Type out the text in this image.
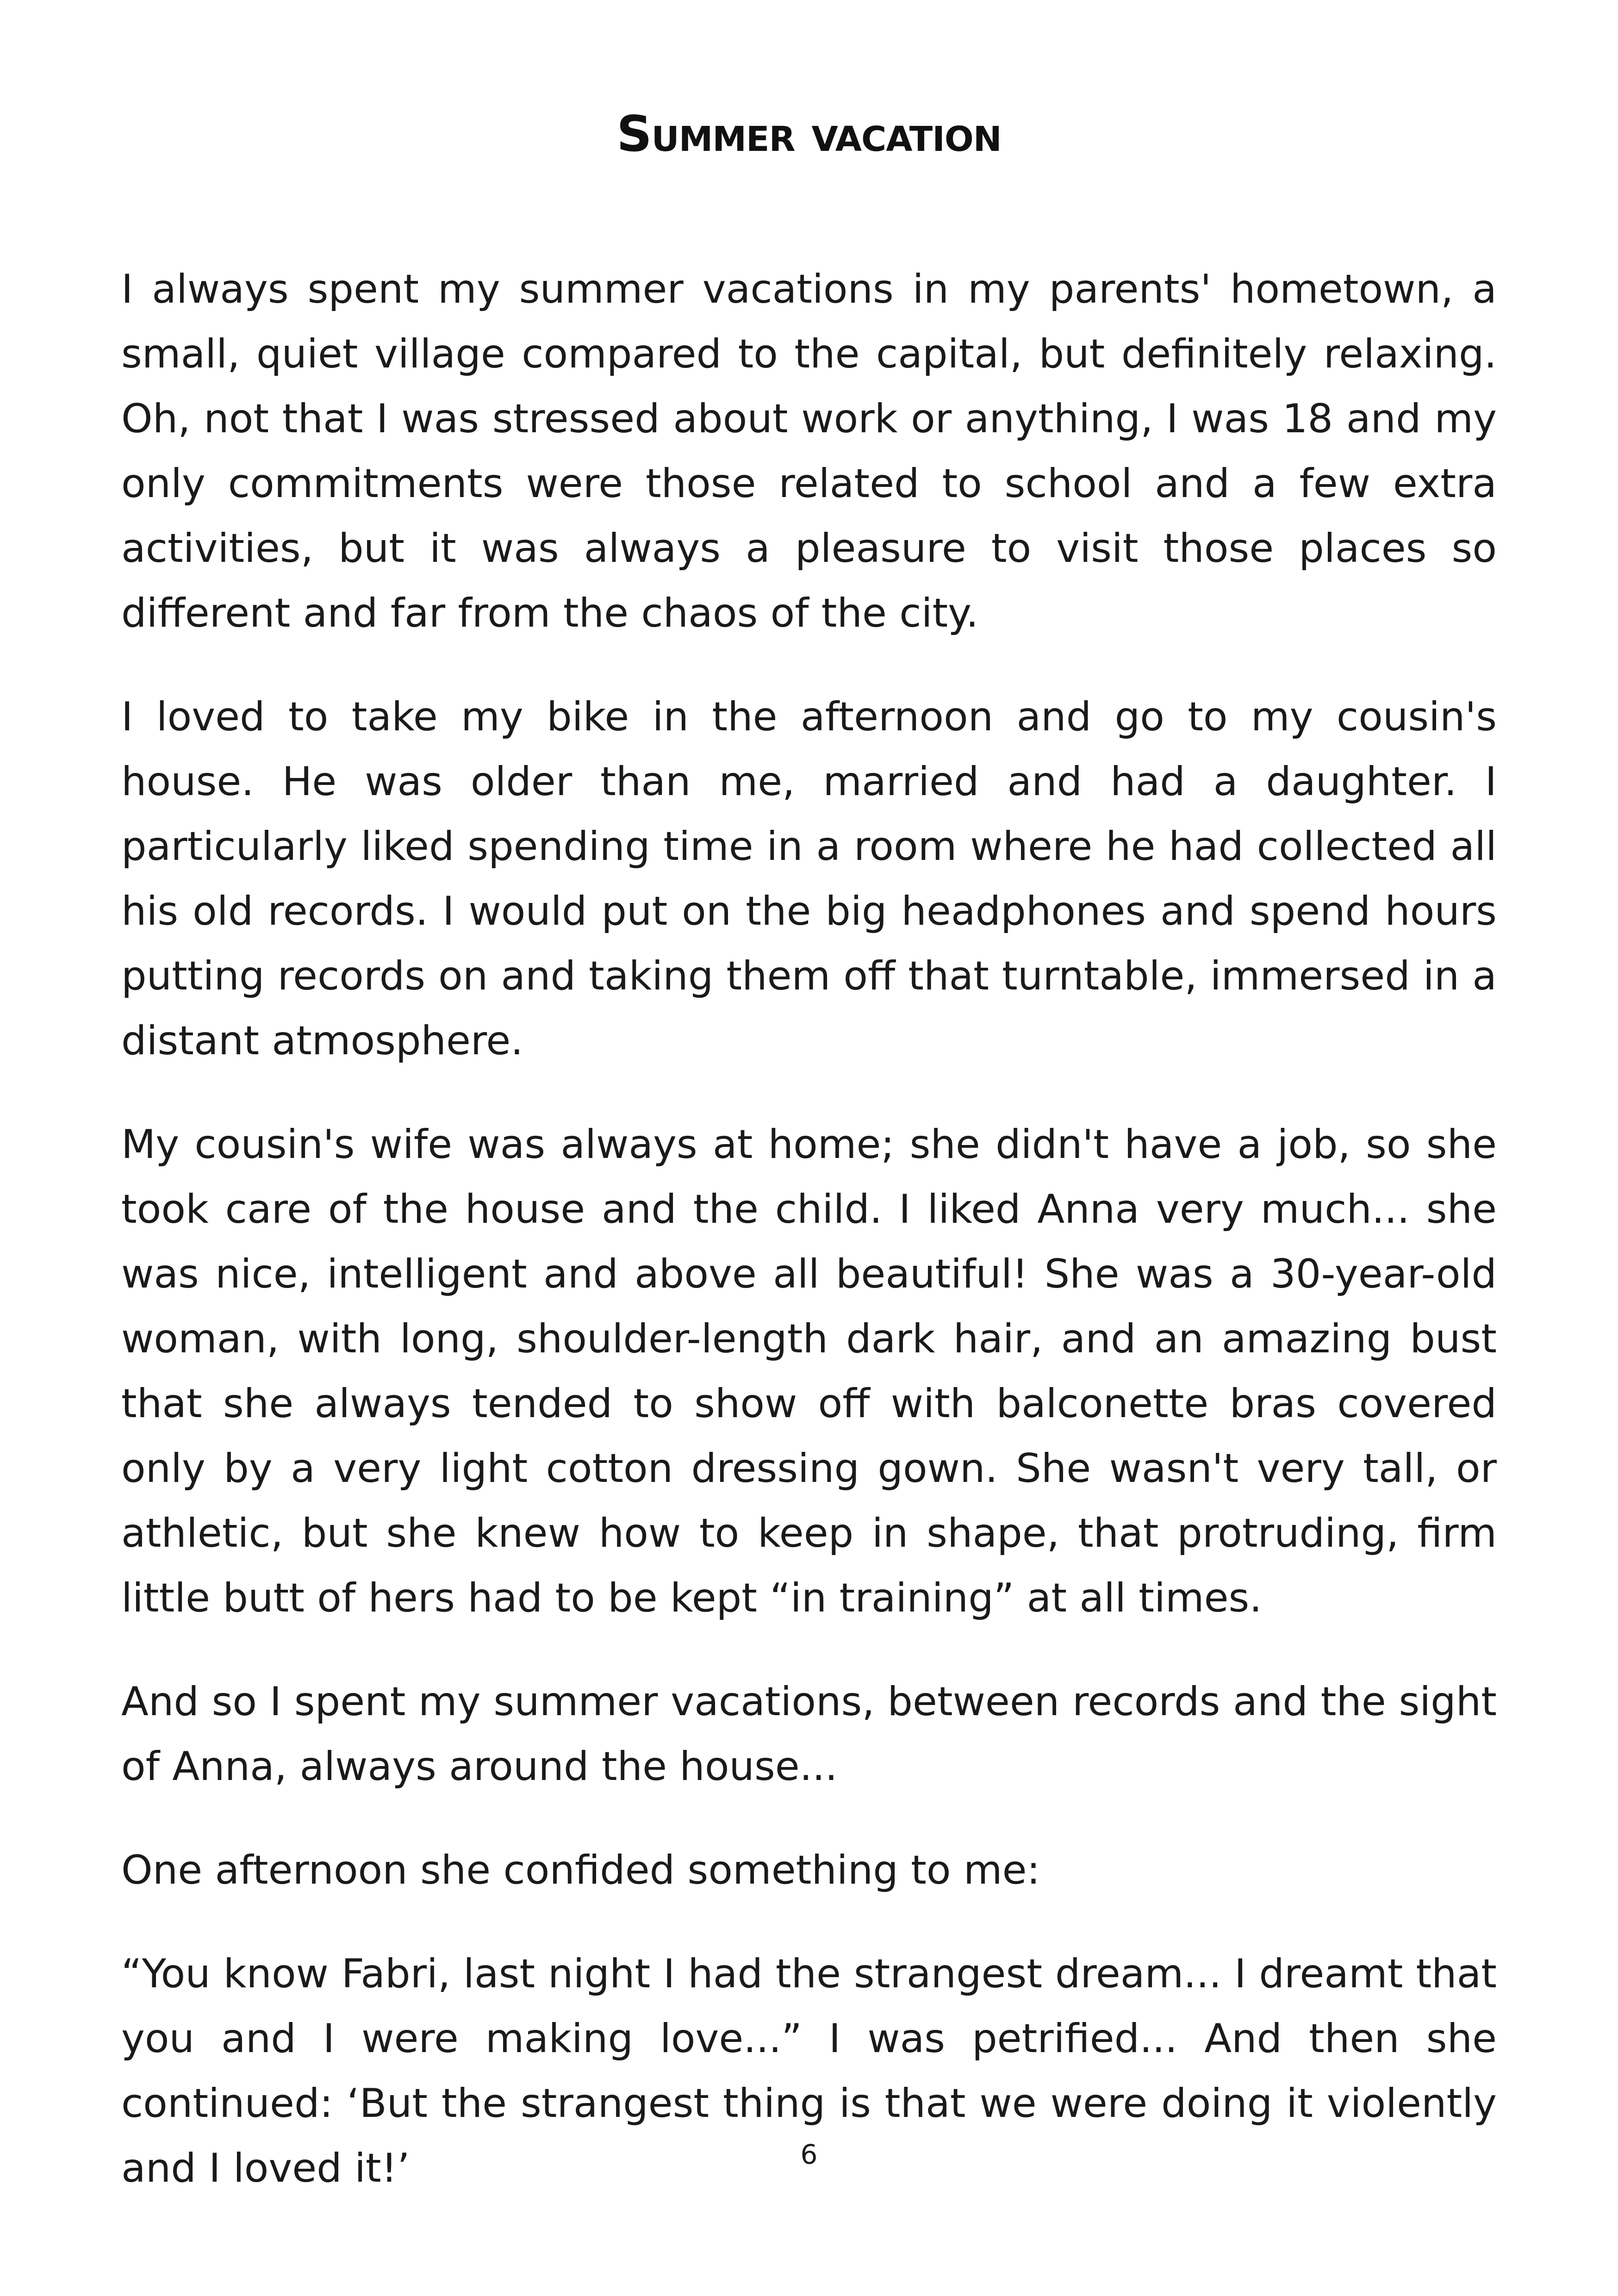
Summer vacation

I always spent my summer vacations in my parents' hometown, a small, quiet village compared to the capital, but definitely relaxing. Oh, not that I was stressed about work or anything, I was 18 and my only commitments were those related to school and a few extra activities, but it was always a pleasure to visit those places so different and far from the chaos of the city.

I loved to take my bike in the afternoon and go to my cousin's house. He was older than me, married and had a daughter. I particularly liked spending time in a room where he had collected all his old records. I would put on the big headphones and spend hours putting records on and taking them off that turntable, immersed in a distant atmosphere.

My cousin's wife was always at home; she didn't have a job, so she took care of the house and the child. I liked Anna very much... she was nice, intelligent and above all beautiful! She was a 30-year-old woman, with long, shoulder-length dark hair, and an amazing bust that she always tended to show off with balconette bras covered only by a very light cotton dressing gown. She wasn't very tall, or athletic, but she knew how to keep in shape, that protruding, firm little butt of hers had to be kept “in training” at all times.

And so I spent my summer vacations, between records and the sight of Anna, always around the house...

One afternoon she confided something to me:

“You know Fabri, last night I had the strangest dream... I dreamt that you and I were making love...” I was petrified... And then she continued: ‘But the strangest thing is that we were doing it violently and I loved it!’	6
